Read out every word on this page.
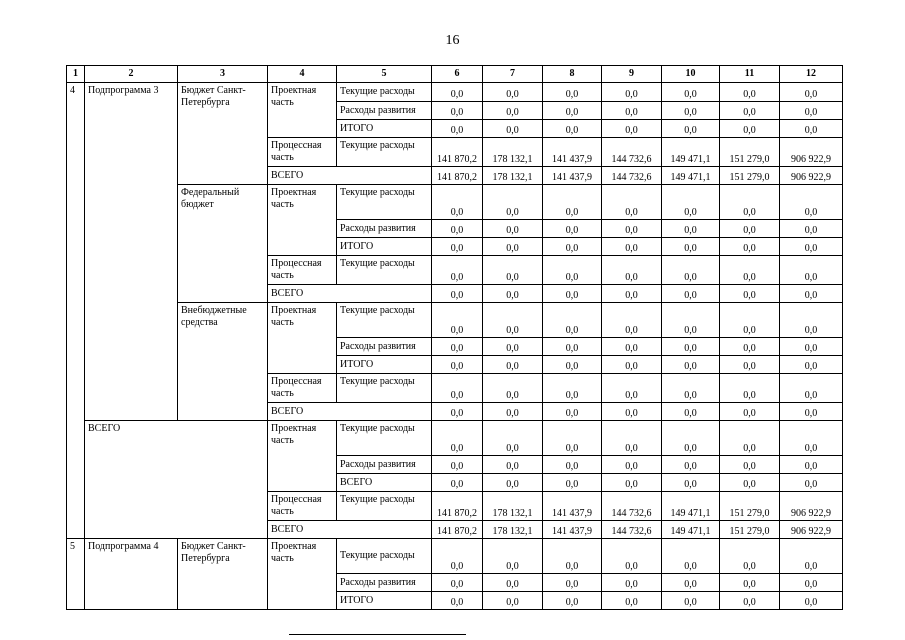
16
1	2	3	4	5	6	7	8	9	10	11	12
4	Подпрограмма 3	Бюджет Санкт-Петербурга	Проектная часть	Текущие расходы	0,0	0,0	0,0	0,0	0,0	0,0	0,0
				Расходы развития	0,0	0,0	0,0	0,0	0,0	0,0	0,0
				ИТОГО	0,0	0,0	0,0	0,0	0,0	0,0	0,0
			Процессная часть	Текущие расходы	141 870,2	178 132,1	141 437,9	144 732,6	149 471,1	151 279,0	906 922,9
			ВСЕГО		141 870,2	178 132,1	141 437,9	144 732,6	149 471,1	151 279,0	906 922,9
		Федеральный бюджет	Проектная часть	Текущие расходы	0,0	0,0	0,0	0,0	0,0	0,0	0,0
				Расходы развития	0,0	0,0	0,0	0,0	0,0	0,0	0,0
				ИТОГО	0,0	0,0	0,0	0,0	0,0	0,0	0,0
			Процессная часть	Текущие расходы	0,0	0,0	0,0	0,0	0,0	0,0	0,0
			ВСЕГО		0,0	0,0	0,0	0,0	0,0	0,0	0,0
		Внебюджетные средства	Проектная часть	Текущие расходы	0,0	0,0	0,0	0,0	0,0	0,0	0,0
				Расходы развития	0,0	0,0	0,0	0,0	0,0	0,0	0,0
				ИТОГО	0,0	0,0	0,0	0,0	0,0	0,0	0,0
			Процессная часть	Текущие расходы	0,0	0,0	0,0	0,0	0,0	0,0	0,0
			ВСЕГО		0,0	0,0	0,0	0,0	0,0	0,0	0,0
	ВСЕГО		Проектная часть	Текущие расходы	0,0	0,0	0,0	0,0	0,0	0,0	0,0
				Расходы развития	0,0	0,0	0,0	0,0	0,0	0,0	0,0
				ВСЕГО	0,0	0,0	0,0	0,0	0,0	0,0	0,0
			Процессная часть	Текущие расходы	141 870,2	178 132,1	141 437,9	144 732,6	149 471,1	151 279,0	906 922,9
			ВСЕГО		141 870,2	178 132,1	141 437,9	144 732,6	149 471,1	151 279,0	906 922,9
5	Подпрограмма 4	Бюджет Санкт-Петербурга	Проектная часть	Текущие расходы	0,0	0,0	0,0	0,0	0,0	0,0	0,0
				Расходы развития	0,0	0,0	0,0	0,0	0,0	0,0	0,0
				ИТОГО	0,0	0,0	0,0	0,0	0,0	0,0	0,0
